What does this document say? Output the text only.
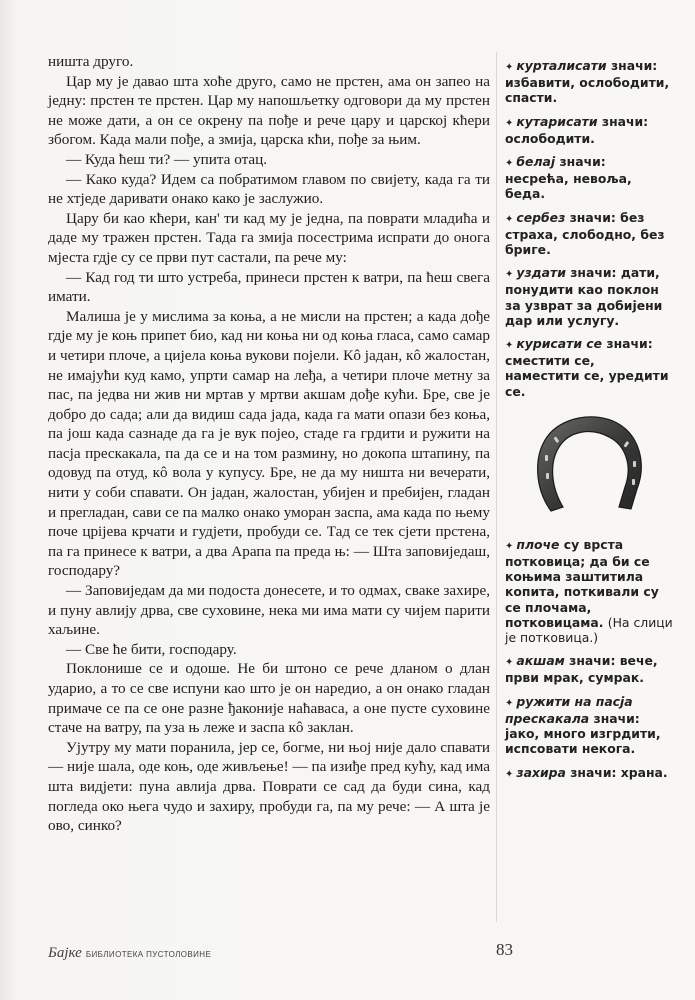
ништа друго.

Цар му је давао шта хоће друго, само не прстен, ама он запео на једну: прстен те прстен. Цар му напошљетку одговори да му прстен не може дати, а он се окрену па пође и рече цару и царској кћери збогом. Када мали пође, а змија, царска кћи, пође за њим.

— Куда ћеш ти? — упита отац.

— Како куда? Идем са побратимом главом по свијету, када га ти не хтједе даривати онако како је заслужио.

Цару би као кћери, кан' ти кад му је једна, па поврати младића и даде му тражен прстен. Тада га змија посестрима испрати до оногa мјеста гдје су се први пут састали, па рече му:

— Кад год ти што устреба, принеси прстен к ватри, па ћеш свега имати.

Малиша је у мислима за коња, а не мисли на прстен; а када дође гдје му је коњ припет био, кад ни коња ни од коња гласа, само самар и четири плоче, а цијела коња вукови појели. Кô јадан, кô жалостан, не имајући куд камо, упрти самар на леђа, а четири плоче метну за пас, па једва ни жив ни мртав у мртви акшам дође кући. Бре, све је добро до сада; али да видиш сада јада, када га мати опази без коња, па још када сазнаде да га је вук појео, стаде га грдити и ружити на пасја прескакала, па да се и на том размину, но докопа штапину, па одовуд па отуд, кô вола у купусу. Бре, не да му ништа ни вечерати, нити у соби спавати. Он јадан, жалостан, убијен и пребијен, гладан и прегладан, сави се па малко онако уморан заспа, ама када по њему поче црijева крчати и гудјети, пробуди се. Тад се тек сјети прстена, па га принесе к ватри, а два Арапа па преда њ: — Шта заповиједаш, господару?

— Заповиједам да ми подоста донесете, и то одмах, свакe захире, и пуну авлију дрва, све суховине, нека ми има мати су чијем парити хаљине.

— Све ће бити, господару.

Поклонише се и одоше. Не би штоно се рече дланом о длан ударио, а то се све испуни као што је он наредио, а он онако гладан примаче се па се оне разне ђаконије наћаваса, а оне пусте суховине стаче на ватру, па уза њ леже и заспа кô заклан.

Ујутру му мати поранила, јер се, богме, ни њој није дало спавати — није шала, оде коњ, оде живљење! — па изиђе пред кућу, кад има шта видјети: пуна авлија дрва. Поврати се сад да буди сина, кад погледа око њега чудо и захиру, пробуди га, па му рече: — А шта је ово, синко?

✦ курталисати значи: избавити, ослободити, спасти.
✦ кутарисати значи: ослободити.
✦ белај значи: несрећа, невоља, беда.
✦ сербез значи: без страха, слободно, без бриге.
✦ уздати значи: дати, понудити као поклон за узврат за добијени дар или услугу.
✦ курисати се значи: сместити се, наместити се, уредити се.
✦ плоче су врста потковица; да би се коњима заштитила копита, поткивали су се плочама, потковицама. (На слици је потковица.)
✦ акшам значи: вече, први мрак, сумрак.
✦ ружити на пасја прескакала значи: јако, много изгрдити, испсовати некога.
✦ захира значи: храна.
Бајке БИБЛИОТЕКА ПУСТОЛОВИНЕ	83
